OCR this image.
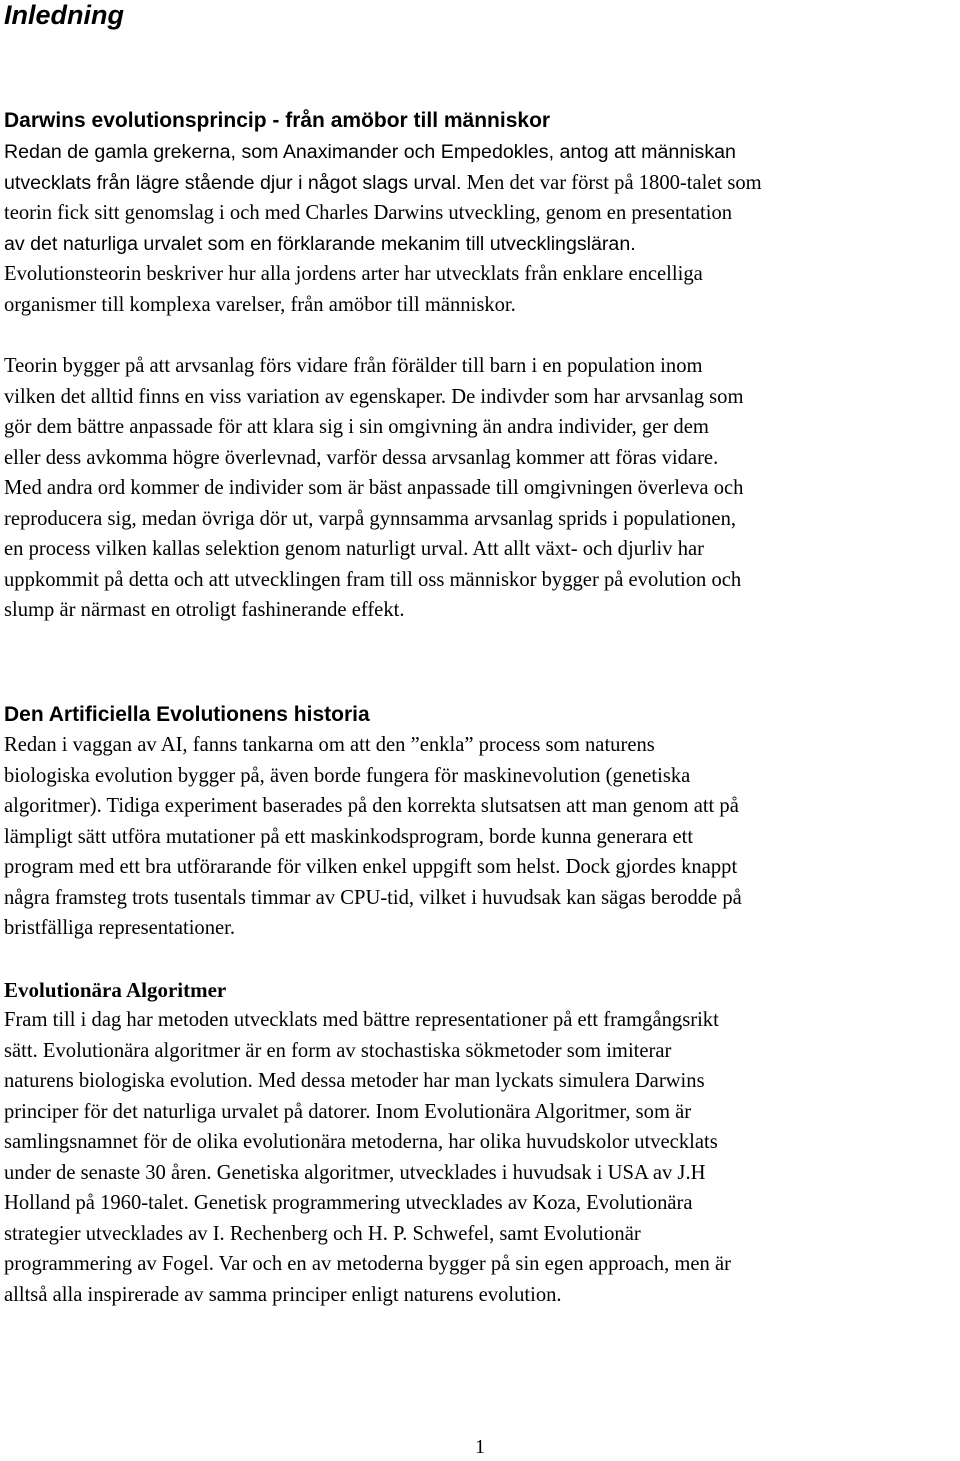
Inledning
Darwins evolutionsprincip - från amöbor till människor
Redan de gamla grekerna, som Anaximander och Empedokles, antog att människan
utvecklats från lägre stående djur i något slags urval. Men det var först på 1800-talet som
teorin fick sitt genomslag i och med Charles Darwins utveckling, genom en presentation
av det naturliga urvalet som en förklarande mekanim till utvecklingsläran.
Evolutionsteorin beskriver hur alla jordens arter har utvecklats från enklare encelliga
organismer till komplexa varelser, från amöbor till människor.
Teorin bygger på att arvsanlag förs vidare från förälder till barn i en population inom
vilken det alltid finns en viss variation av egenskaper. De indivder som har arvsanlag som
gör dem bättre anpassade för att klara sig i sin omgivning än andra individer, ger dem
eller dess avkomma högre överlevnad, varför dessa arvsanlag kommer att föras vidare.
Med andra ord kommer de individer som är bäst anpassade till omgivningen överleva och
reproducera sig, medan övriga dör ut, varpå gynnsamma arvsanlag sprids i populationen,
en process vilken kallas selektion genom naturligt urval. Att allt växt- och djurliv har
uppkommit på detta och att utvecklingen fram till oss människor bygger på evolution och
slump är närmast en otroligt fashinerande effekt.
Den Artificiella Evolutionens historia
Redan i vaggan av AI, fanns tankarna om att den ”enkla” process som naturens
biologiska evolution bygger på, även borde fungera för maskinevolution (genetiska
algoritmer). Tidiga experiment baserades på den korrekta slutsatsen att man genom att på
lämpligt sätt utföra mutationer på ett maskinkodsprogram, borde kunna generara ett
program med ett bra utförarande för vilken enkel uppgift som helst. Dock gjordes knappt
några framsteg trots tusentals timmar av CPU-tid, vilket i huvudsak kan sägas berodde på
bristfälliga representationer.
Evolutionära Algoritmer
Fram till i dag har metoden utvecklats med bättre representationer på ett framgångsrikt
sätt. Evolutionära algoritmer är en form av stochastiska sökmetoder som imiterar
naturens biologiska evolution. Med dessa metoder har man lyckats simulera Darwins
principer för det naturliga urvalet på datorer. Inom Evolutionära Algoritmer, som är
samlingsnamnet för de olika evolutionära metoderna, har olika huvudskolor utvecklats
under de senaste 30 åren. Genetiska algoritmer, utvecklades i huvudsak i USA av J.H
Holland på 1960-talet. Genetisk programmering utvecklades av Koza, Evolutionära
strategier utvecklades av I. Rechenberg och H. P. Schwefel, samt Evolutionär
programmering av Fogel. Var och en av metoderna bygger på sin egen approach, men är
alltså alla inspirerade av samma principer enligt naturens evolution.
1
